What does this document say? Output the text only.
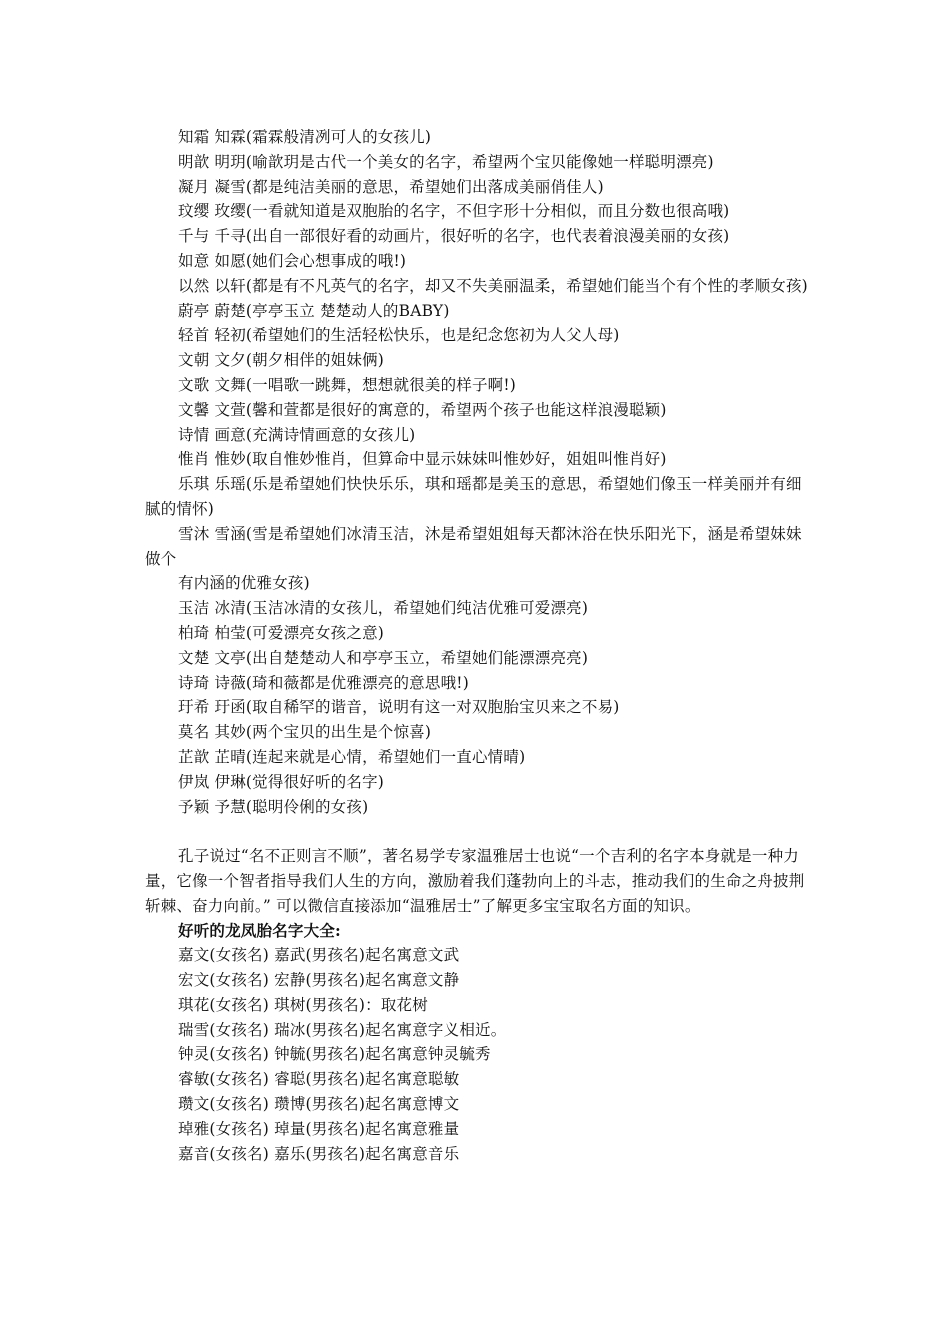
知霜 知霖(霜霖般清冽可人的女孩儿)
明歆 明玥(喻歆玥是古代一个美女的名字，希望两个宝贝能像她一样聪明漂亮)
凝月 凝雪(都是纯洁美丽的意思，希望她们出落成美丽俏佳人)
玟缨 玫缨(一看就知道是双胞胎的名字，不但字形十分相似，而且分数也很高哦)
千与 千寻(出自一部很好看的动画片，很好听的名字，也代表着浪漫美丽的女孩)
如意 如愿(她们会心想事成的哦!)
以然 以轩(都是有不凡英气的名字，却又不失美丽温柔，希望她们能当个有个性的孝顺女孩)
蔚亭 蔚楚(亭亭玉立 楚楚动人的BABY)
轻首 轻初(希望她们的生活轻松快乐，也是纪念您初为人父人母)
文朝 文夕(朝夕相伴的姐妹俩)
文歌 文舞(一唱歌一跳舞，想想就很美的样子啊!)
文馨 文萱(馨和萱都是很好的寓意的，希望两个孩子也能这样浪漫聪颖)
诗情 画意(充满诗情画意的女孩儿)
惟肖 惟妙(取自惟妙惟肖，但算命中显示妹妹叫惟妙好，姐姐叫惟肖好)
乐琪 乐瑶(乐是希望她们快快乐乐，琪和瑶都是美玉的意思，希望她们像玉一样美丽并有细腻的情怀)
雪沐 雪涵(雪是希望她们冰清玉洁，沐是希望姐姐每天都沐浴在快乐阳光下，涵是希望妹妹做个
有内涵的优雅女孩)
玉洁 冰清(玉洁冰清的女孩儿，希望她们纯洁优雅可爱漂亮)
柏琦 柏莹(可爱漂亮女孩之意)
文楚 文亭(出自楚楚动人和亭亭玉立，希望她们能漂漂亮亮)
诗琦 诗薇(琦和薇都是优雅漂亮的意思哦!)
玗希 玗函(取自稀罕的谐音，说明有这一对双胞胎宝贝来之不易)
莫名 其妙(两个宝贝的出生是个惊喜)
芷歆 芷晴(连起来就是心情，希望她们一直心情晴)
伊岚 伊琳(觉得很好听的名字)
予颖 予慧(聪明伶俐的女孩)
孔子说过“名不正则言不顺”，著名易学专家温雅居士也说“一个吉利的名字本身就是一种力量，它像一个智者指导我们人生的方向，激励着我们蓬勃向上的斗志，推动我们的生命之舟披荆斩棘、奋力向前。” 可以微信直接添加“温雅居士”了解更多宝宝取名方面的知识。
好听的龙凤胎名字大全:
嘉文(女孩名) 嘉武(男孩名)起名寓意文武
宏文(女孩名) 宏静(男孩名)起名寓意文静
琪花(女孩名) 琪树(男孩名)：取花树
瑞雪(女孩名) 瑞冰(男孩名)起名寓意字义相近。
钟灵(女孩名) 钟毓(男孩名)起名寓意钟灵毓秀
睿敏(女孩名) 睿聪(男孩名)起名寓意聪敏
瓒文(女孩名) 瓒博(男孩名)起名寓意博文
琸雅(女孩名) 琸量(男孩名)起名寓意雅量
嘉音(女孩名) 嘉乐(男孩名)起名寓意音乐
